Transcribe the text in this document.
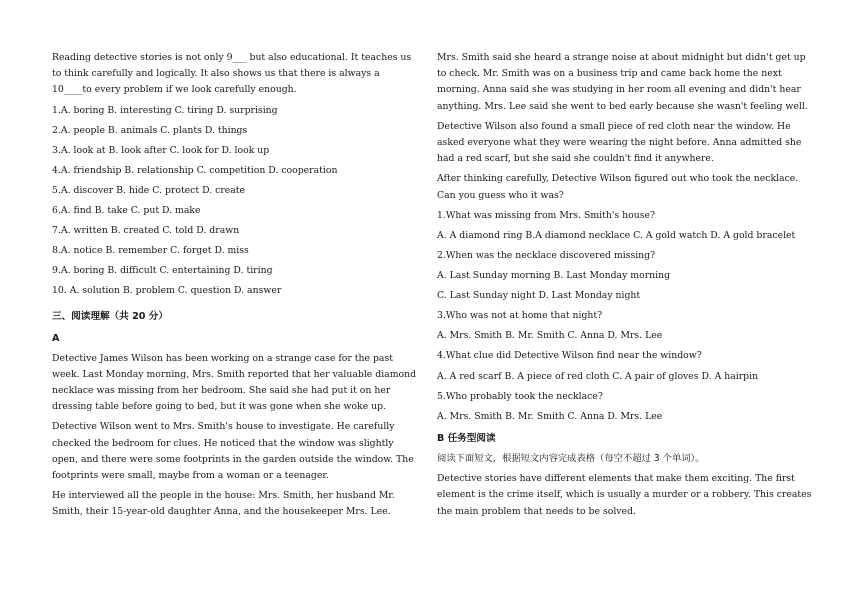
Reading detective stories is not only 9___ but also educational. It teaches us to think carefully and logically. It also shows us that there is always a 10____to every problem if we look carefully enough.

1.A. boring B. interesting C. tiring D. surprising

2.A. people B. animals C. plants D. things

3.A. look at B. look after C. look for D. look up

4.A. friendship B. relationship C. competition D. cooperation

5.A. discover B. hide C. protect D. create

6.A. find B. take C. put D. make

7.A. written B. created C. told D. drawn

8.A. notice B. remember C. forget D. miss

9.A. boring B. difficult C. entertaining D. tiring

10. A. solution B. problem C. question D. answer

三、阅读理解（共 20 分）
A

Detective James Wilson has been working on a strange case for the past week. Last Monday morning, Mrs. Smith reported that her valuable diamond necklace was missing from her bedroom. She said she had put it on her dressing table before going to bed, but it was gone when she woke up.

Detective Wilson went to Mrs. Smith's house to investigate. He carefully checked the bedroom for clues. He noticed that the window was slightly open, and there were some footprints in the garden outside the window. The footprints were small, maybe from a woman or a teenager.

He interviewed all the people in the house: Mrs. Smith, her husband Mr. Smith, their 15-year-old daughter Anna, and the housekeeper Mrs. Lee.

Mrs. Smith said she heard a strange noise at about midnight but didn't get up to check. Mr. Smith was on a business trip and came back home the next morning. Anna said she was studying in her room all evening and didn't hear anything. Mrs. Lee said she went to bed early because she wasn't feeling well.

Detective Wilson also found a small piece of red cloth near the window. He asked everyone what they were wearing the night before. Anna admitted she had a red scarf, but she said she couldn't find it anywhere.

After thinking carefully, Detective Wilson figured out who took the necklace. Can you guess who it was?

1.What was missing from Mrs. Smith's house?

A. A diamond ring B.A diamond necklace C. A gold watch D. A gold bracelet

2.When was the necklace discovered missing?

A. Last Sunday morning B. Last Monday morning

C. Last Sunday night D. Last Monday night

3.Who was not at home that night?

A. Mrs. Smith B. Mr. Smith C. Anna D. Mrs. Lee

4.What clue did Detective Wilson find near the window?

A. A red scarf B. A piece of red cloth C. A pair of gloves D. A hairpin

5.Who probably took the necklace?

A. Mrs. Smith B. Mr. Smith C. Anna D. Mrs. Lee

B 任务型阅读

阅读下面短文，根据短文内容完成表格（每空不超过 3 个单词）。

Detective stories have different elements that make them exciting. The first element is the crime itself, which is usually a murder or a robbery. This creates the main problem that needs to be solved.
